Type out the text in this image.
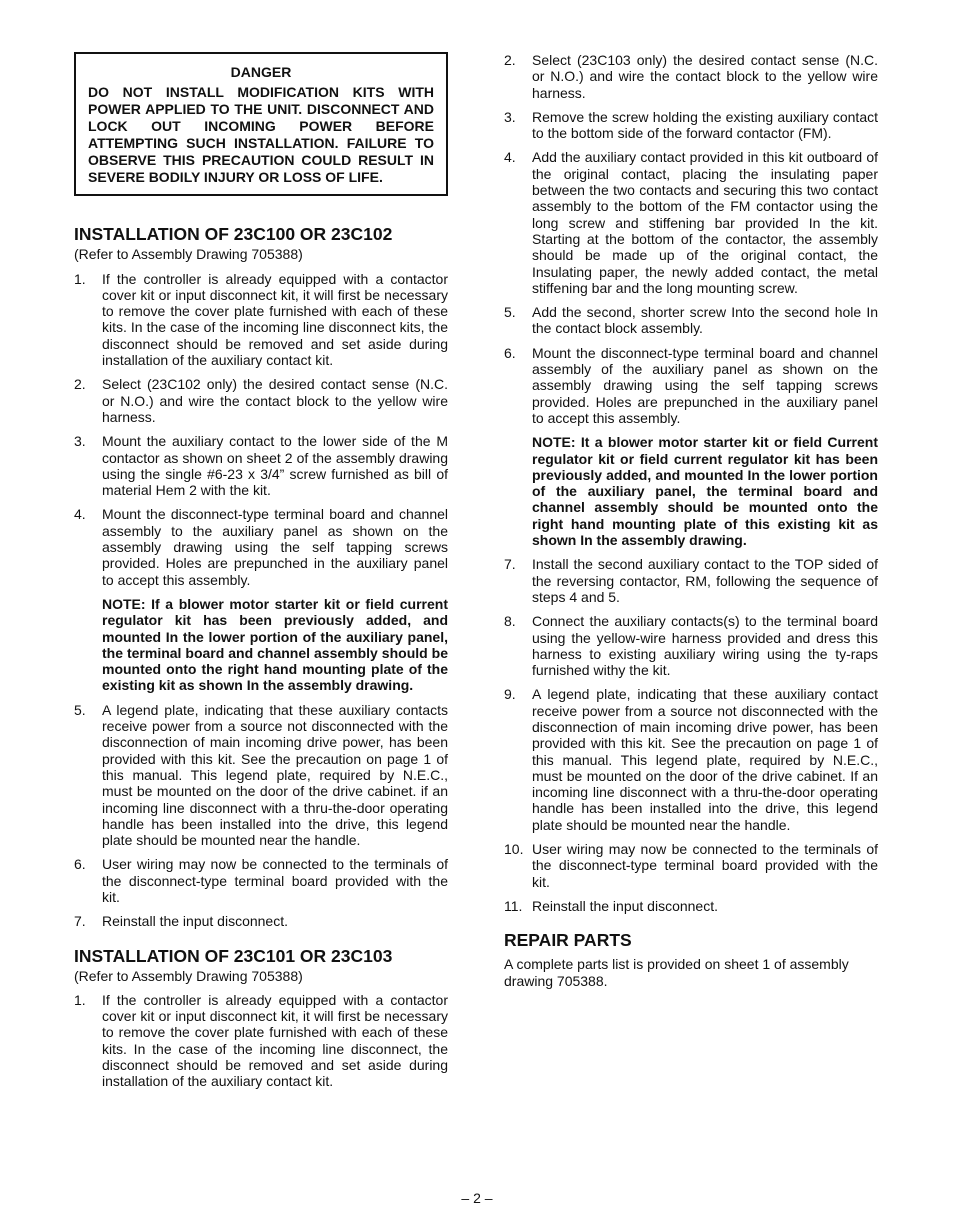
DANGER
DO NOT INSTALL MODIFICATION KITS WITH POWER APPLIED TO THE UNIT. DISCONNECT AND LOCK OUT INCOMING POWER BEFORE ATTEMPTING SUCH INSTALLATION. FAILURE TO OBSERVE THIS PRECAUTION COULD RESULT IN SEVERE BODILY INJURY OR LOSS OF LIFE.
INSTALLATION OF 23C100 OR 23C102
(Refer to Assembly Drawing 705388)
1. If the controller is already equipped with a contactor cover kit or input disconnect kit, it will first be necessary to remove the cover plate furnished with each of these kits. In the case of the incoming line disconnect kits, the disconnect should be removed and set aside during installation of the auxiliary contact kit.
2. Select (23C102 only) the desired contact sense (N.C. or N.O.) and wire the contact block to the yellow wire harness.
3. Mount the auxiliary contact to the lower side of the M contactor as shown on sheet 2 of the assembly drawing using the single #6-23 x 3/4” screw furnished as bill of material Hem 2 with the kit.
4. Mount the disconnect-type terminal board and channel assembly to the auxiliary panel as shown on the assembly drawing using the self tapping screws provided. Holes are prepunched in the auxiliary panel to accept this assembly.
NOTE: If a blower motor starter kit or field current regulator kit has been previously added, and mounted In the lower portion of the auxiliary panel, the terminal board and channel assembly should be mounted onto the right hand mounting plate of the existing kit as shown In the assembly drawing.
5. A legend plate, indicating that these auxiliary contacts receive power from a source not disconnected with the disconnection of main incoming drive power, has been provided with this kit. See the precaution on page 1 of this manual. This legend plate, required by N.E.C., must be mounted on the door of the drive cabinet. if an incoming line disconnect with a thru-the-door operating handle has been installed into the drive, this legend plate should be mounted near the handle.
6. User wiring may now be connected to the terminals of the disconnect-type terminal board provided with the kit.
7. Reinstall the input disconnect.
INSTALLATION OF 23C101 OR 23C103
(Refer to Assembly Drawing 705388)
1. If the controller is already equipped with a contactor cover kit or input disconnect kit, it will first be necessary to remove the cover plate furnished with each of these kits. In the case of the incoming line disconnect, the disconnect should be removed and set aside during installation of the auxiliary contact kit.
2. Select (23C103 only) the desired contact sense (N.C. or N.O.) and wire the contact block to the yellow wire harness.
3. Remove the screw holding the existing auxiliary contact to the bottom side of the forward contactor (FM).
4. Add the auxiliary contact provided in this kit outboard of the original contact, placing the insulating paper between the two contacts and securing this two contact assembly to the bottom of the FM contactor using the long screw and stiffening bar provided In the kit. Starting at the bottom of the contactor, the assembly should be made up of the original contact, the Insulating paper, the newly added contact, the metal stiffening bar and the long mounting screw.
5. Add the second, shorter screw Into the second hole In the contact block assembly.
6. Mount the disconnect-type terminal board and channel assembly of the auxiliary panel as shown on the assembly drawing using the self tapping screws provided. Holes are prepunched in the auxiliary panel to accept this assembly.
NOTE: It a blower motor starter kit or field Current regulator kit or field current regulator kit has been previously added, and mounted In the lower portion of the auxiliary panel, the terminal board and channel assembly should be mounted onto the right hand mounting plate of this existing kit as shown In the assembly drawing.
7. Install the second auxiliary contact to the TOP sided of the reversing contactor, RM, following the sequence of steps 4 and 5.
8. Connect the auxiliary contacts(s) to the terminal board using the yellow-wire harness provided and dress this harness to existing auxiliary wiring using the ty-raps furnished withy the kit.
9. A legend plate, indicating that these auxiliary contact receive power from a source not disconnected with the disconnection of main incoming drive power, has been provided with this kit. See the precaution on page 1 of this manual. This legend plate, required by N.E.C., must be mounted on the door of the drive cabinet. If an incoming line disconnect with a thru-the-door operating handle has been installed into the drive, this legend plate should be mounted near the handle.
10. User wiring may now be connected to the terminals of the disconnect-type terminal board provided with the kit.
11. Reinstall the input disconnect.
REPAIR PARTS
A complete parts list is provided on sheet 1 of assembly drawing 705388.
– 2 –
